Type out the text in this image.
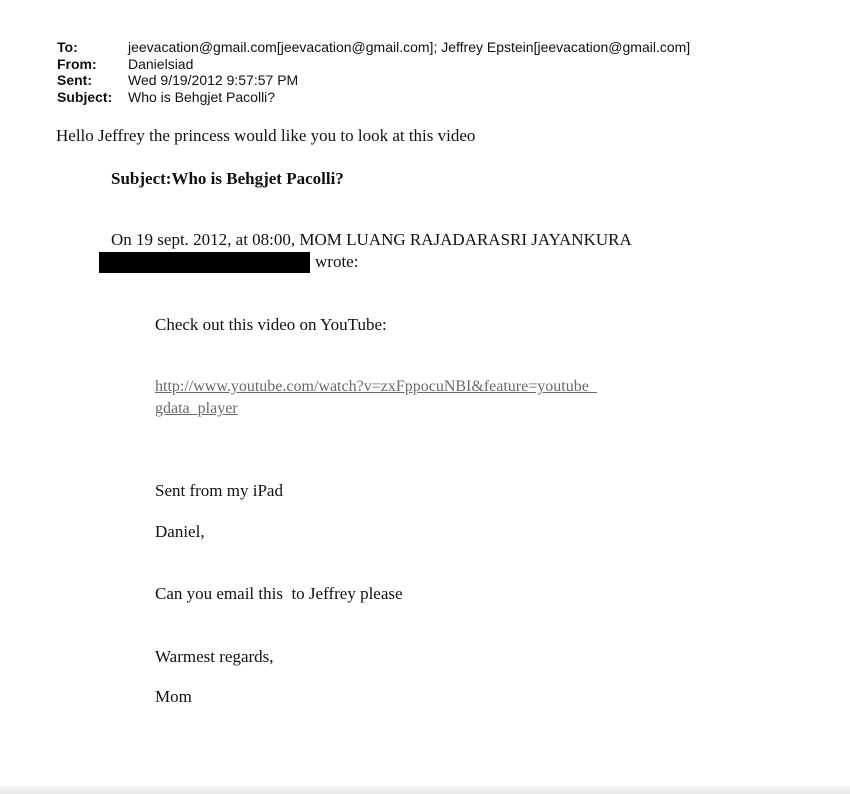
To:	jeevacation@gmail.com[jeevacation@gmail.com]; Jeffrey Epstein[jeevacation@gmail.com]
From:	Danielsiad
Sent:	Wed 9/19/2012 9:57:57 PM
Subject:	Who is Behgjet Pacolli?
Hello Jeffrey the princess would like you to look at this video
Subject:Who is Behgjet Pacolli?
On 19 sept. 2012, at 08:00, MOM LUANG RAJADARASRI JAYANKURA
wrote:
Check out this video on YouTube:
http://www.youtube.com/watch?v=zxFppocuNBI&feature=youtube_
gdata_player
Sent from my iPad
Daniel,
Can you email this  to Jeffrey please
Warmest regards,
Mom
